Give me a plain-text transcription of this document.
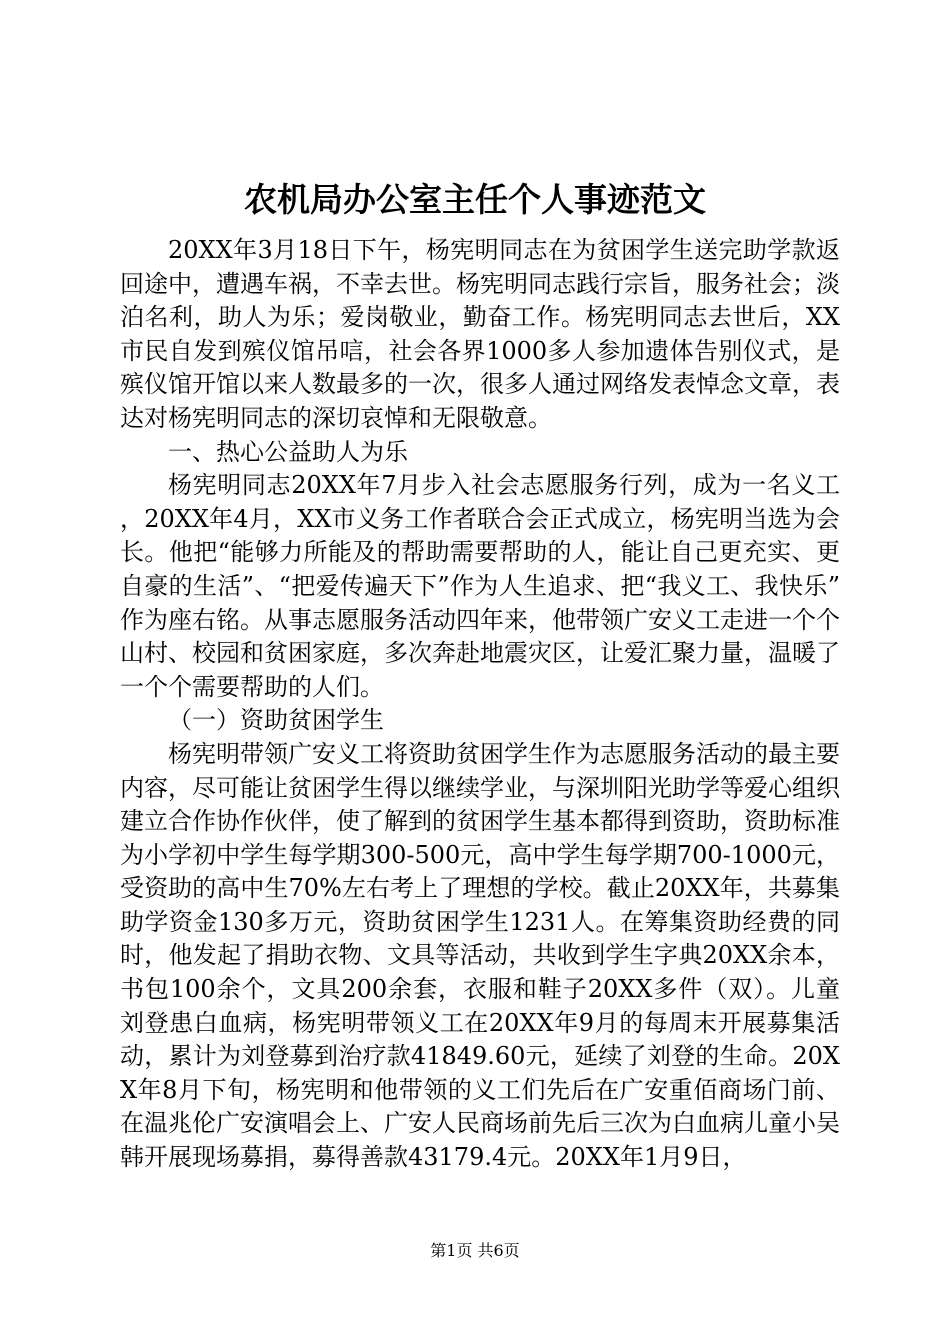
农机局办公室主任个人事迹范文

20XX年3月18日下午，杨宪明同志在为贫困学生送完助学款返回途中，遭遇车祸，不幸去世。杨宪明同志践行宗旨，服务社会；淡泊名利，助人为乐；爱岗敬业，勤奋工作。杨宪明同志去世后，XX市民自发到殡仪馆吊唁，社会各界1000多人参加遗体告别仪式，是殡仪馆开馆以来人数最多的一次，很多人通过网络发表悼念文章，表达对杨宪明同志的深切哀悼和无限敬意。

一、热心公益助人为乐

杨宪明同志20XX年7月步入社会志愿服务行列，成为一名义工，20XX年4月，XX市义务工作者联合会正式成立，杨宪明当选为会长。他把“能够力所能及的帮助需要帮助的人，能让自己更充实、更自豪的生活”、“把爱传遍天下”作为人生追求、把“我义工、我快乐”作为座右铭。从事志愿服务活动四年来，他带领广安义工走进一个个山村、校园和贫困家庭，多次奔赴地震灾区，让爱汇聚力量，温暖了一个个需要帮助的人们。

（一）资助贫困学生

杨宪明带领广安义工将资助贫困学生作为志愿服务活动的最主要内容，尽可能让贫困学生得以继续学业，与深圳阳光助学等爱心组织建立合作协作伙伴，使了解到的贫困学生基本都得到资助，资助标准为小学初中学生每学期300-500元，高中学生每学期700-1000元，受资助的高中生70%左右考上了理想的学校。截止20XX年，共募集助学资金130多万元，资助贫困学生1231人。在筹集资助经费的同时，他发起了捐助衣物、文具等活动，共收到学生字典20XX余本，书包100余个，文具200余套，衣服和鞋子20XX多件（双）。儿童刘登患白血病，杨宪明带领义工在20XX年9月的每周末开展募集活动，累计为刘登募到治疗款41849.60元，延续了刘登的生命。20XX年8月下旬，杨宪明和他带领的义工们先后在广安重佰商场门前、在温兆伦广安演唱会上、广安人民商场前先后三次为白血病儿童小吴韩开展现场募捐，募得善款43179.4元。20XX年1月9日，

第1页 共6页
